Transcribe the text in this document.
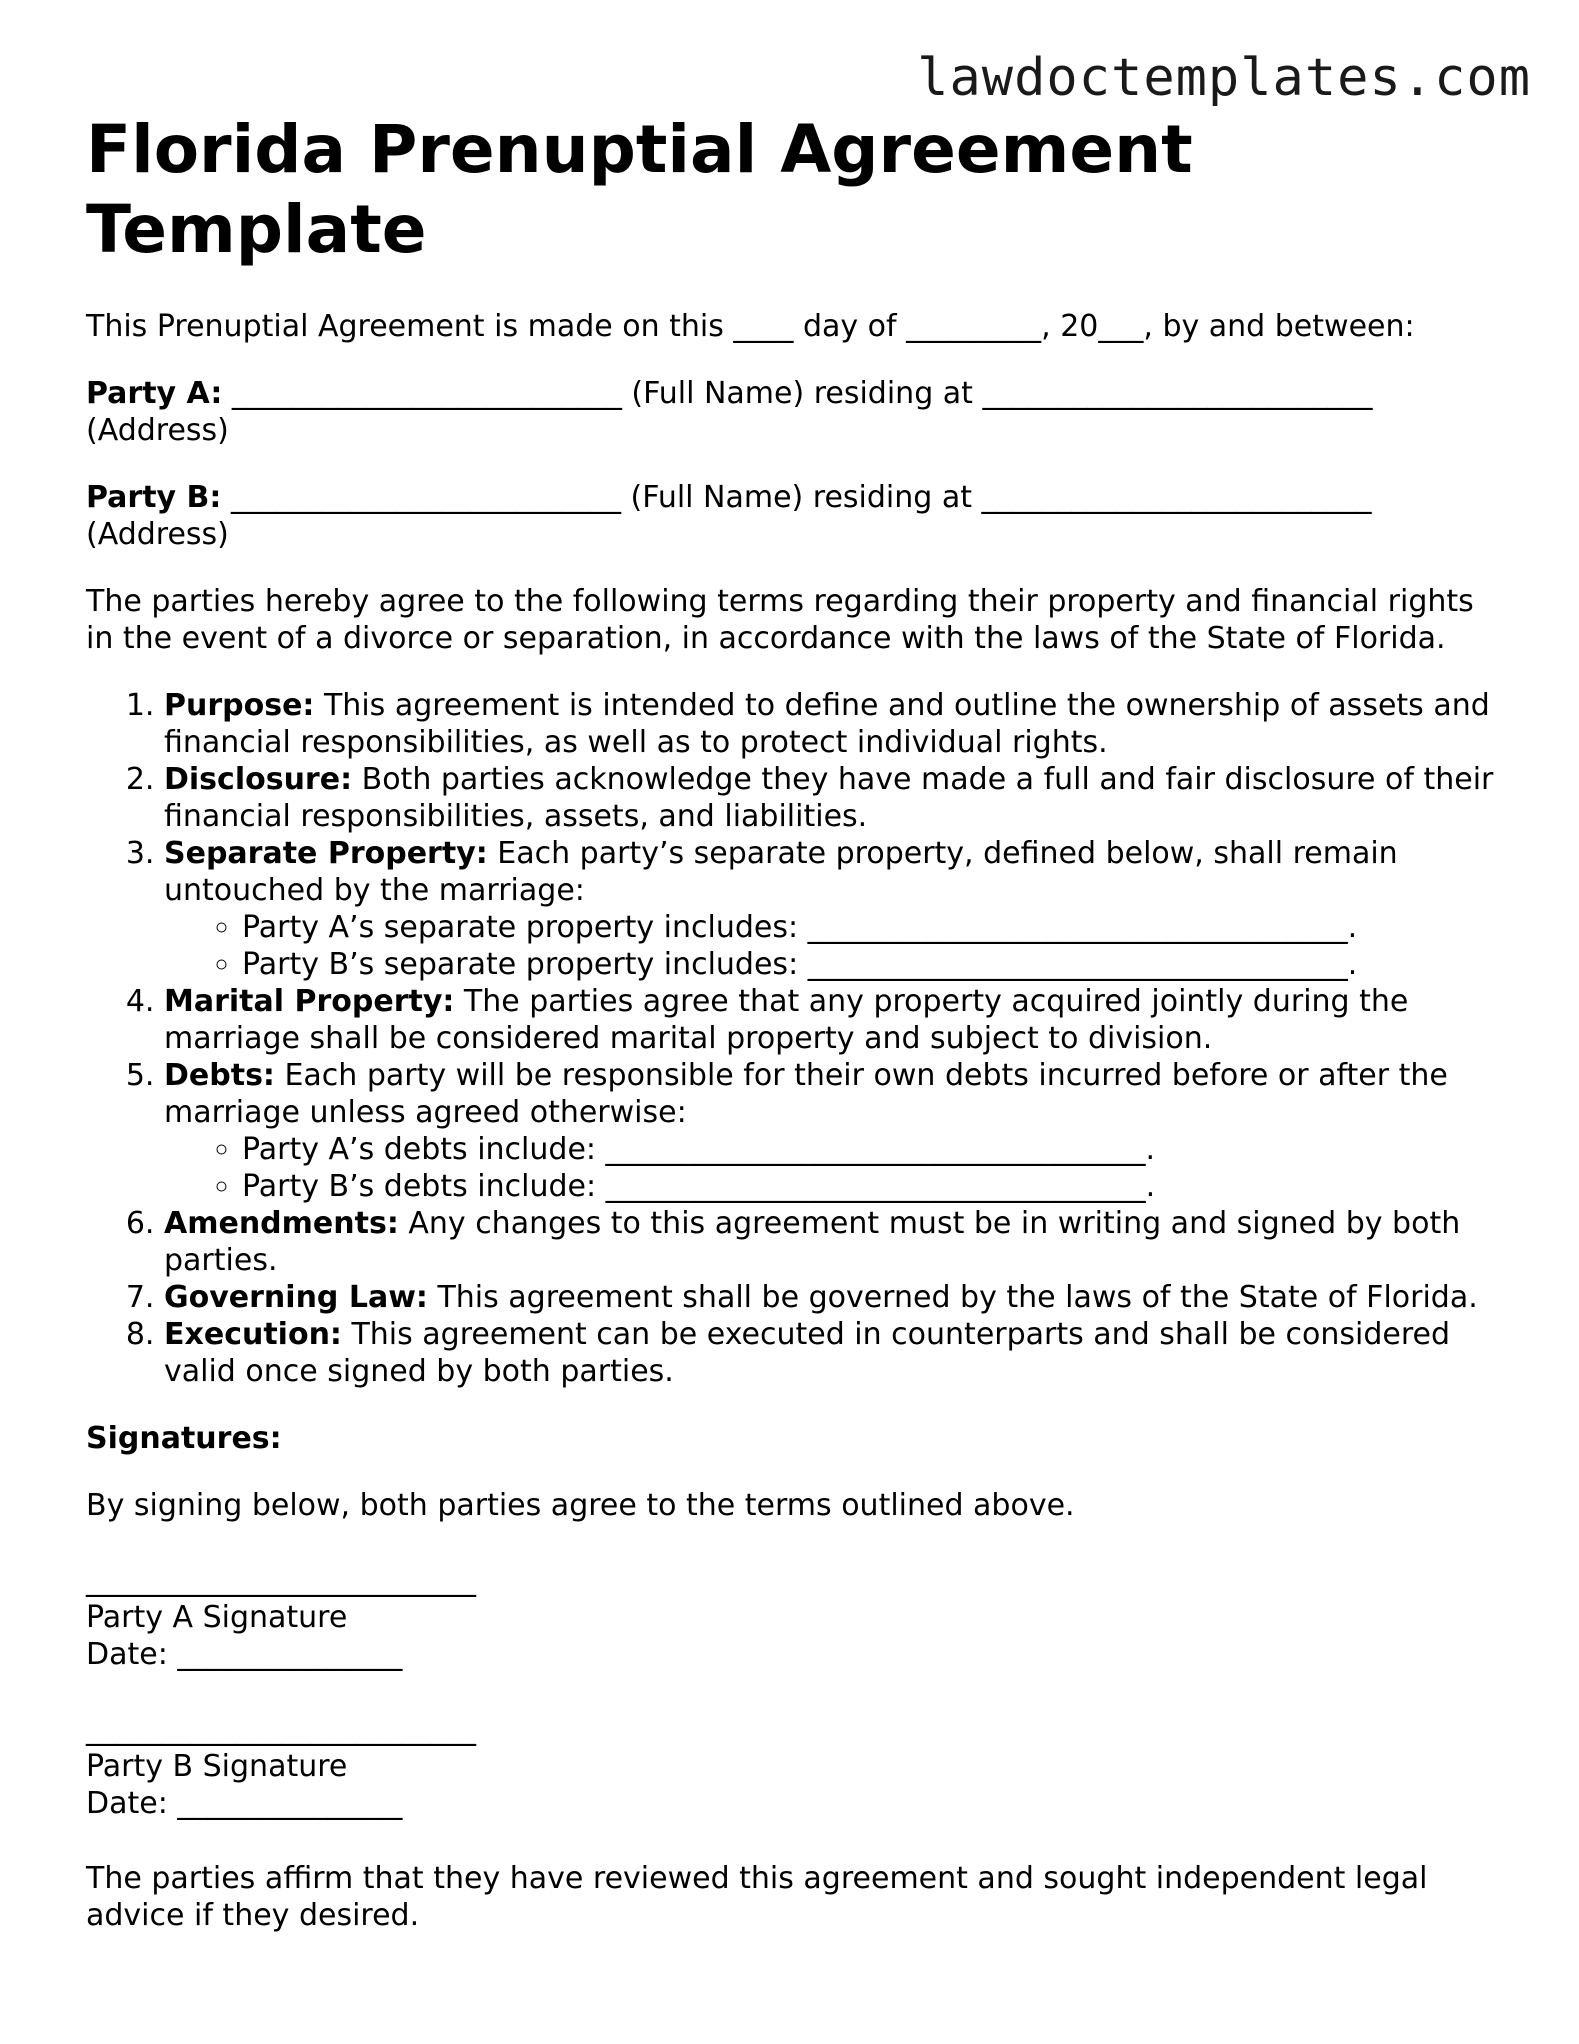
lawdoctemplates.com
Florida Prenuptial Agreement Template

This Prenuptial Agreement is made on this ____ day of _________, 20___, by and between:

Party A: __________________________ (Full Name) residing at __________________________ (Address)

Party B: __________________________ (Full Name) residing at __________________________ (Address)

The parties hereby agree to the following terms regarding their property and financial rights in the event of a divorce or separation, in accordance with the laws of the State of Florida.

1. Purpose: This agreement is intended to define and outline the ownership of assets and financial responsibilities, as well as to protect individual rights.
2. Disclosure: Both parties acknowledge they have made a full and fair disclosure of their financial responsibilities, assets, and liabilities.
3. Separate Property: Each party’s separate property, defined below, shall remain untouched by the marriage:
◦ Party A’s separate property includes: ____________________________________.
◦ Party B’s separate property includes: ____________________________________.
4. Marital Property: The parties agree that any property acquired jointly during the marriage shall be considered marital property and subject to division.
5. Debts: Each party will be responsible for their own debts incurred before or after the marriage unless agreed otherwise:
◦ Party A’s debts include: ____________________________________.
◦ Party B’s debts include: ____________________________________.
6. Amendments: Any changes to this agreement must be in writing and signed by both parties.
7. Governing Law: This agreement shall be governed by the laws of the State of Florida.
8. Execution: This agreement can be executed in counterparts and shall be considered valid once signed by both parties.

Signatures:

By signing below, both parties agree to the terms outlined above.

__________________________
Party A Signature
Date: _______________
__________________________
Party B Signature
Date: _______________

The parties affirm that they have reviewed this agreement and sought independent legal advice if they desired.
